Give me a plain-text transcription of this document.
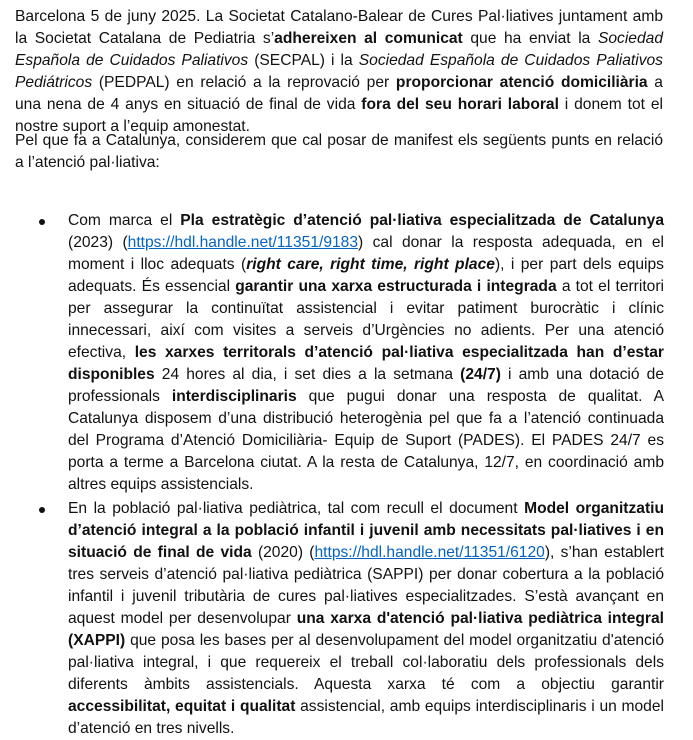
Barcelona 5 de juny 2025. La Societat Catalano-Balear de Cures Pal·liatives juntament amb la Societat Catalana de Pediatria s’adhereixen al comunicat que ha enviat la Sociedad Española de Cuidados Paliativos (SECPAL) i la Sociedad Española de Cuidados Paliativos Pediátricos (PEDPAL) en relació a la reprovació per proporcionar atenció domiciliària a una nena de 4 anys en situació de final de vida fora del seu horari laboral i donem tot el nostre suport a l’equip amonestat.

Pel que fa a Catalunya, considerem que cal posar de manifest els següents punts en relació a l’atenció pal·liativa:

Com marca el Pla estratègic d’atenció pal·liativa especialitzada de Catalunya (2023) (https://hdl.handle.net/11351/9183) cal donar la resposta adequada, en el moment i lloc adequats (right care, right time, right place), i per part dels equips adequats. És essencial garantir una xarxa estructurada i integrada a tot el territori per assegurar la continuïtat assistencial i evitar patiment burocràtic i clínic innecessari, així com visites a serveis d’Urgències no adients. Per una atenció efectiva, les xarxes territorals d’atenció pal·liativa especialitzada han d’estar disponibles 24 hores al dia, i set dies a la setmana (24/7) i amb una dotació de professionals interdisciplinaris que pugui donar una resposta de qualitat. A Catalunya disposem d’una distribució heterogènia pel que fa a l’atenció continuada del Programa d’Atenció Domiciliària- Equip de Suport (PADES). El PADES 24/7 es porta a terme a Barcelona ciutat. A la resta de Catalunya, 12/7, en coordinació amb altres equips assistencials.

En la població pal·liativa pediàtrica, tal com recull el document Model organitzatiu d’atenció integral a la població infantil i juvenil amb necessitats pal·liatives i en situació de final de vida (2020) (https://hdl.handle.net/11351/6120), s’han establert tres serveis d’atenció pal·liativa pediàtrica (SAPPI) per donar cobertura a la població infantil i juvenil tributària de cures pal·liatives especialitzades. S’està avançant en aquest model per desenvolupar una xarxa d'atenció pal·liativa pediàtrica integral (XAPPI) que posa les bases per al desenvolupament del model organitzatiu d'atenció pal·liativa integral, i que requereix el treball col·laboratiu dels professionals dels diferents àmbits assistencials. Aquesta xarxa té com a objectiu garantir accessibilitat, equitat i qualitat assistencial, amb equips interdisciplinaris i un model d’atenció en tres nivells.
